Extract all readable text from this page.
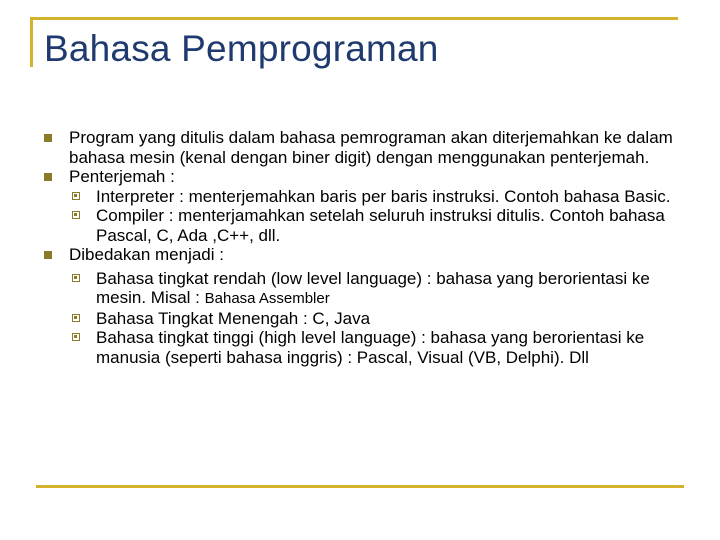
Bahasa Pemprograman
Program yang ditulis dalam bahasa pemrograman akan diterjemahkan ke dalam bahasa mesin (kenal dengan biner digit) dengan menggunakan penterjemah.
Penterjemah :
Interpreter : menterjemahkan baris per baris instruksi. Contoh bahasa Basic.
Compiler : menterjamahkan setelah seluruh instruksi ditulis. Contoh bahasa Pascal, C, Ada ,C++, dll.
Dibedakan menjadi :
Bahasa tingkat rendah (low level language) : bahasa yang berorientasi ke mesin. Misal : Bahasa Assembler
Bahasa Tingkat Menengah : C, Java
Bahasa tingkat tinggi (high level language) : bahasa yang berorientasi ke manusia (seperti bahasa inggris) : Pascal, Visual (VB, Delphi). Dll
